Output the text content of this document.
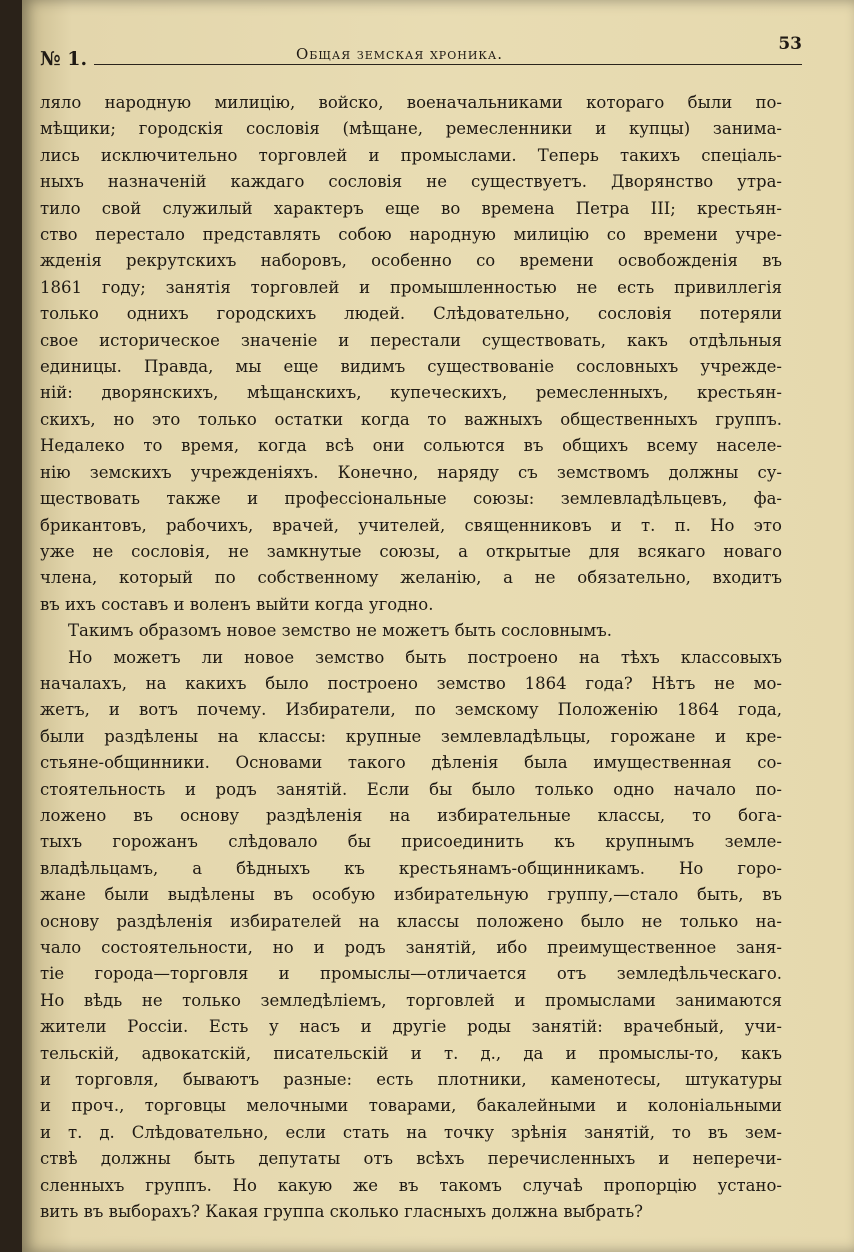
№ 1.	Общая земская хроника.	53
ляло народную милицію, войско, военачальниками котораго были по-
мѣщики; городскія сословія (мѣщане, ремесленники и купцы) занима-
лись исключительно торговлей и промыслами. Теперь такихъ спеціаль-
ныхъ назначеній каждаго сословія не существуетъ. Дворянство утра-
тило свой служилый характеръ еще во времена Петра III; крестьян-
ство перестало представлять собою народную милицію со времени учре-
жденія рекрутскихъ наборовъ, особенно со времени освобожденія въ
1861 году; занятія торговлей и промышленностью не есть привиллегія
только однихъ городскихъ людей. Слѣдовательно, сословія потеряли
свое историческое значеніе и перестали существовать, какъ отдѣльныя
единицы. Правда, мы еще видимъ существованіе сословныхъ учрежде-
ній: дворянскихъ, мѣщанскихъ, купеческихъ, ремесленныхъ, крестьян-
скихъ, но это только остатки когда то важныхъ общественныхъ группъ.
Недалеко то время, когда всѣ они сольются въ общихъ всему населе-
нію земскихъ учрежденіяхъ. Конечно, наряду съ земствомъ должны су-
ществовать также и профессіональные союзы: землевладѣльцевъ, фа-
брикантовъ, рабочихъ, врачей, учителей, священниковъ и т. п. Но это
уже не сословія, не замкнутые союзы, а открытые для всякаго новаго
члена, который по собственному желанію, а не обязательно, входитъ
въ ихъ составъ и воленъ выйти когда угодно.
Такимъ образомъ новое земство не можетъ быть сословнымъ.
Но можетъ ли новое земство быть построено на тѣхъ классовыхъ
началахъ, на какихъ было построено земство 1864 года? Нѣтъ не мо-
жетъ, и вотъ почему. Избиратели, по земскому Положенію 1864 года,
были раздѣлены на классы: крупные землевладѣльцы, горожане и кре-
стьяне-общинники. Основами такого дѣленія была имущественная со-
стоятельность и родъ занятій. Если бы было только одно начало по-
ложено въ основу раздѣленія на избирательные классы, то бога-
тыхъ горожанъ слѣдовало бы присоединить къ крупнымъ земле-
владѣльцамъ, а бѣдныхъ къ крестьянамъ-общинникамъ. Но горо-
жане были выдѣлены въ особую избирательную группу,—стало быть, въ
основу раздѣленія избирателей на классы положено было не только на-
чало состоятельности, но и родъ занятій, ибо преимущественное заня-
тіе города—торговля и промыслы—отличается отъ земледѣльческаго.
Но вѣдь не только земледѣліемъ, торговлей и промыслами занимаются
жители Россіи. Есть у насъ и другіе роды занятій: врачебный, учи-
тельскій, адвокатскій, писательскій и т. д., да и промыслы-то, какъ
и торговля, бываютъ разные: есть плотники, каменотесы, штукатуры
и проч., торговцы мелочными товарами, бакалейными и колоніальными
и т. д. Слѣдовательно, если стать на точку зрѣнія занятій, то въ зем-
ствѣ должны быть депутаты отъ всѣхъ перечисленныхъ и неперечи-
сленныхъ группъ. Но какую же въ такомъ случаѣ пропорцію устано-
вить въ выборахъ? Какая группа сколько гласныхъ должна выбрать?
